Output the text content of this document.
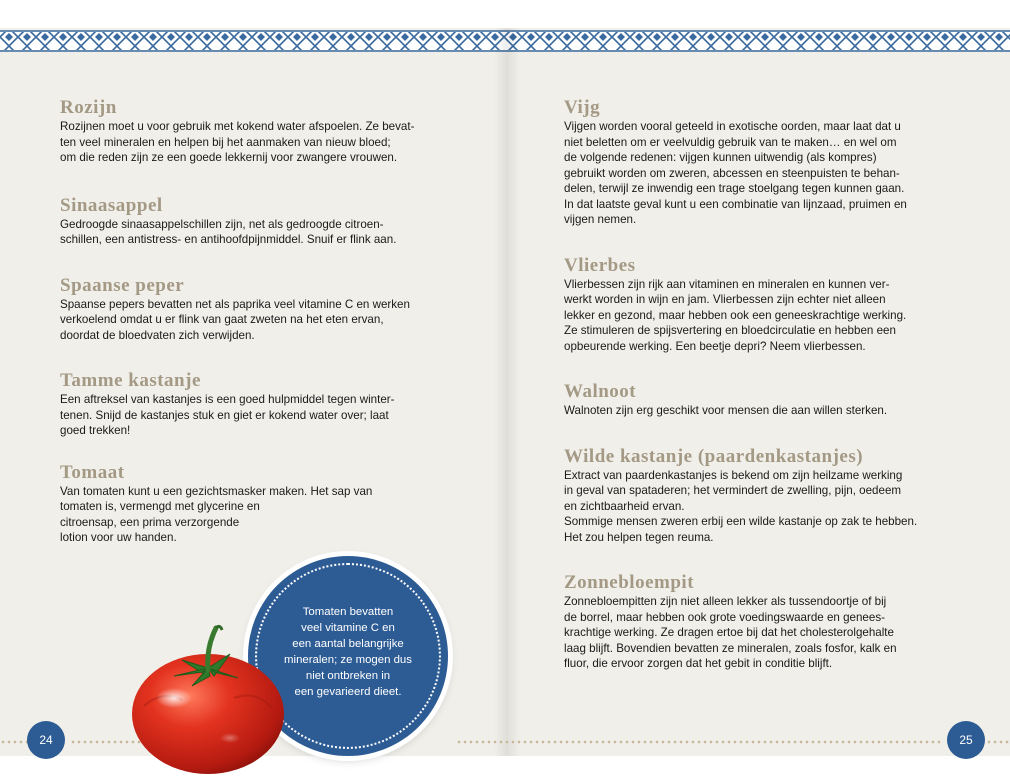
Rozijn

Rozijnen moet u voor gebruik met kokend water afspoelen. Ze bevat-
ten veel mineralen en helpen bij het aanmaken van nieuw bloed;
om die reden zijn ze een goede lekkernij voor zwangere vrouwen.

Sinaasappel

Gedroogde sinaasappelschillen zijn, net als gedroogde citroen-
schillen, een antistress- en antihoofdpijnmiddel. Snuif er flink aan.

Spaanse peper

Spaanse pepers bevatten net als paprika veel vitamine C en werken
verkoelend omdat u er flink van gaat zweten na het eten ervan,
doordat de bloedvaten zich verwijden.

Tamme kastanje

Een aftreksel van kastanjes is een goed hulpmiddel tegen winter-
tenen. Snijd de kastanjes stuk en giet er kokend water over; laat
goed trekken!

Tomaat

Van tomaten kunt u een gezichtsmasker maken. Het sap van
tomaten is, vermengd met glycerine en
citroensap, een prima verzorgende
lotion voor uw handen.

Vijg

Vijgen worden vooral geteeld in exotische oorden, maar laat dat u
niet beletten om er veelvuldig gebruik van te maken… en wel om
de volgende redenen: vijgen kunnen uitwendig (als kompres)
gebruikt worden om zweren, abcessen en steenpuisten te behan-
delen, terwijl ze inwendig een trage stoelgang tegen kunnen gaan.
In dat laatste geval kunt u een combinatie van lijnzaad, pruimen en
vijgen nemen.

Vlierbes

Vlierbessen zijn rijk aan vitaminen en mineralen en kunnen ver-
werkt worden in wijn en jam. Vlierbessen zijn echter niet alleen
lekker en gezond, maar hebben ook een geneeskrachtige werking.
Ze stimuleren de spijsvertering en bloedcirculatie en hebben een
opbeurende werking. Een beetje depri? Neem vlierbessen.

Walnoot

Walnoten zijn erg geschikt voor mensen die aan willen sterken.

Wilde kastanje (paardenkastanjes)

Extract van paardenkastanjes is bekend om zijn heilzame werking
in geval van spataderen; het vermindert de zwelling, pijn, oedeem
en zichtbaarheid ervan.
Sommige mensen zweren erbij een wilde kastanje op zak te hebben.
Het zou helpen tegen reuma.

Zonnebloempit

Zonnebloempitten zijn niet alleen lekker als tussendoortje of bij
de borrel, maar hebben ook grote voedingswaarde en genees-
krachtige werking. Ze dragen ertoe bij dat het cholesterolgehalte
laag blijft. Bovendien bevatten ze mineralen, zoals fosfor, kalk en
fluor, die ervoor zorgen dat het gebit in conditie blijft.

24	25
Tomaten bevatten
veel vitamine C en
een aantal belangrijke
mineralen; ze mogen dus
niet ontbreken in
een gevarieerd dieet.
